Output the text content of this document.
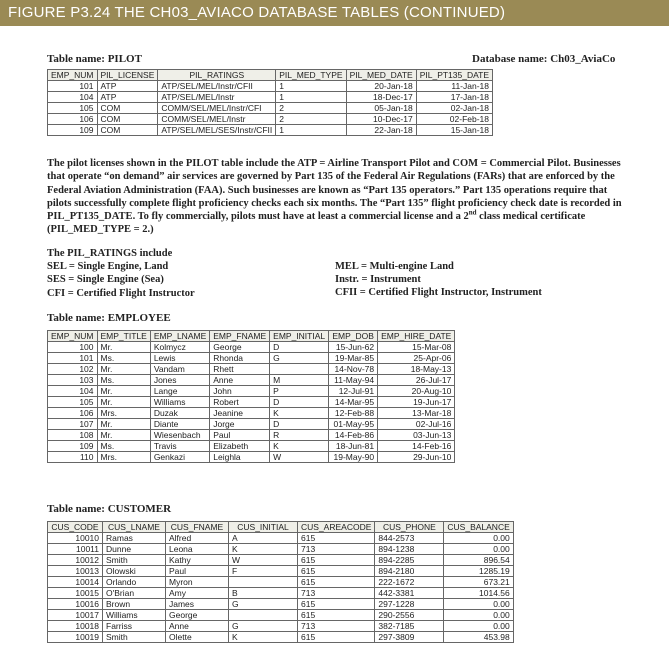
FIGURE P3.24 THE CH03_AVIACO DATABASE TABLES (CONTINUED)
Table name: PILOT	Database name: Ch03_AviaCo
EMP_NUM	PIL_LICENSE	PIL_RATINGS	PIL_MED_TYPE	PIL_MED_DATE	PIL_PT135_DATE
101	ATP	ATP/SEL/MEL/Instr/CFII	1	20-Jan-18	11-Jan-18
104	ATP	ATP/SEL/MEL/Instr	1	18-Dec-17	17-Jan-18
105	COM	COMM/SEL/MEL/Instr/CFI	2	05-Jan-18	02-Jan-18
106	COM	COMM/SEL/MEL/Instr	2	10-Dec-17	02-Feb-18
109	COM	ATP/SEL/MEL/SES/Instr/CFII	1	22-Jan-18	15-Jan-18
The pilot licenses shown in the PILOT table include the ATP = Airline Transport Pilot and COM = Commercial Pilot. Businesses that operate “on demand” air services are governed by Part 135 of the Federal Air Regulations (FARs) that are enforced by the Federal Aviation Administration (FAA). Such businesses are known as “Part 135 operators.” Part 135 operations require that pilots successfully complete flight proficiency checks each six months. The “Part 135” flight proficiency check date is recorded in PIL_PT135_DATE. To fly commercially, pilots must have at least a commercial license and a 2nd class medical certificate (PIL_MED_TYPE = 2.)
The PIL_RATINGS include
SEL = Single Engine, Land
SES = Single Engine (Sea)
CFI = Certified Flight Instructor
MEL = Multi-engine Land
Instr. = Instrument
CFII = Certified Flight Instructor, Instrument
Table name: EMPLOYEE
EMP_NUM	EMP_TITLE	EMP_LNAME	EMP_FNAME	EMP_INITIAL	EMP_DOB	EMP_HIRE_DATE
100	Mr.	Kolmycz	George	D	15-Jun-62	15-Mar-08
101	Ms.	Lewis	Rhonda	G	19-Mar-85	25-Apr-06
102	Mr.	Vandam	Rhett		14-Nov-78	18-May-13
103	Ms.	Jones	Anne	M	11-May-94	26-Jul-17
104	Mr.	Lange	John	P	12-Jul-91	20-Aug-10
105	Mr.	Williams	Robert	D	14-Mar-95	19-Jun-17
106	Mrs.	Duzak	Jeanine	K	12-Feb-88	13-Mar-18
107	Mr.	Diante	Jorge	D	01-May-95	02-Jul-16
108	Mr.	Wiesenbach	Paul	R	14-Feb-86	03-Jun-13
109	Ms.	Travis	Elizabeth	K	18-Jun-81	14-Feb-16
110	Mrs.	Genkazi	Leighla	W	19-May-90	29-Jun-10
Table name: CUSTOMER
CUS_CODE	CUS_LNAME	CUS_FNAME	CUS_INITIAL	CUS_AREACODE	CUS_PHONE	CUS_BALANCE
10010	Ramas	Alfred	A	615	844-2573	0.00
10011	Dunne	Leona	K	713	894-1238	0.00
10012	Smith	Kathy	W	615	894-2285	896.54
10013	Olowski	Paul	F	615	894-2180	1285.19
10014	Orlando	Myron		615	222-1672	673.21
10015	O'Brian	Amy	B	713	442-3381	1014.56
10016	Brown	James	G	615	297-1228	0.00
10017	Williams	George		615	290-2556	0.00
10018	Farriss	Anne	G	713	382-7185	0.00
10019	Smith	Olette	K	615	297-3809	453.98
